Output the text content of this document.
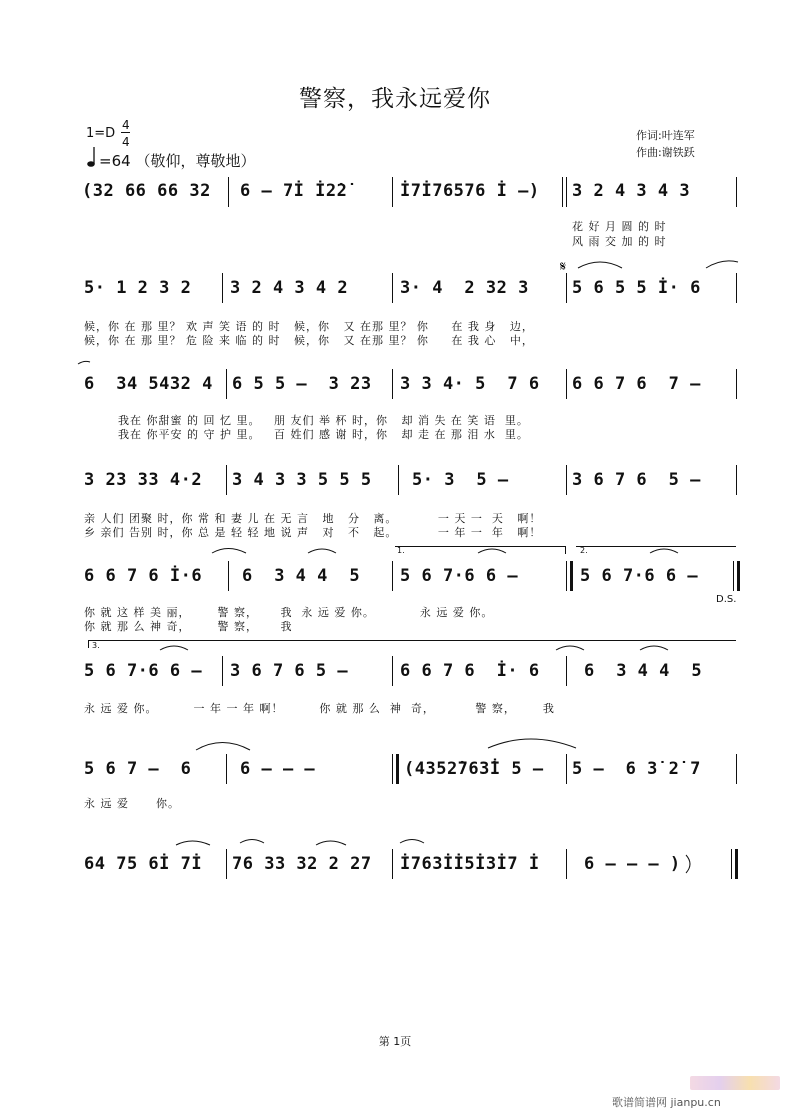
警察，我永远爱你
1=D
4
4	作词:叶连军
作曲:谢铁跃
=64 （敬仰，尊敬地）
(32 66 66 32 6 – 7İ İ2̇2̇	İ7İ76576 İ –) 3 2 4 3 4 3
花 好 月 圆 的 时
风 雨 交 加 的 时
5· 1 2 3 2 3 2 4 3 4 2	3· 4  2 32 3	5 6 5 5 İ· 6
候，你 在 那 里？ 欢 声 笑 语 的 时   候，你   又 在那 里？ 你     在 我 身   边，
候，你 在 那 里？ 危 险 来 临 的 时   候，你   又 在那 里？ 你     在 我 心   中，
6  34 5432 4 6 5 5 –  3 23 3 3 4· 5  7 6 6 6 7 6  7 –
我在 你甜蜜 的 回 忆 里。   朋 友们 举 杯 时，你   却 消 失 在 笑 语  里。
我在 你平安 的 守 护 里。   百 姓们 感 谢 时，你   却 走 在 那 泪 水  里。
3 23 33 4·2 3 4 3 3 5 5 5 5· 3  5 –	3 6 7 6  5 –
亲 人们 团聚 时，你 常 和 妻 儿 在 无 言   地   分   离。         一 天 一  天   啊！
乡 亲们 告别 时，你 总 是 轻 轻 地 说 声   对   不   起。         一 年 一  年   啊！
1.	2.
6 6 7 6 İ·6 6  3 4 4  5 5 6 7·6 6 –	5 6 7·6 6 –
D.S.
你 就 这 样 美 丽，      警 察，     我  永 远 爱 你。          永 远 爱 你。
你 就 那 么 神 奇，      警 察，     我
3.
5 6 7·6 6 – 3 6 7 6 5 –	6 6 7 6  İ· 6	6  3 4 4  5
永 远 爱 你。        一 年 一 年 啊！        你 就 那 么  神  奇，         警 察，      我
5 6 7 –  6	6 – – –	(4352̇763̇İ 5 – 5 –  6 3̇ 2̇ 7
永 远 爱      你。
64 75 6İ 7İ 76 33 32 2 27 İ763İİ5İ3İ7 İ	6 – – – )
𝄋
第 1页
歌谱简谱网 jianpu.cn
